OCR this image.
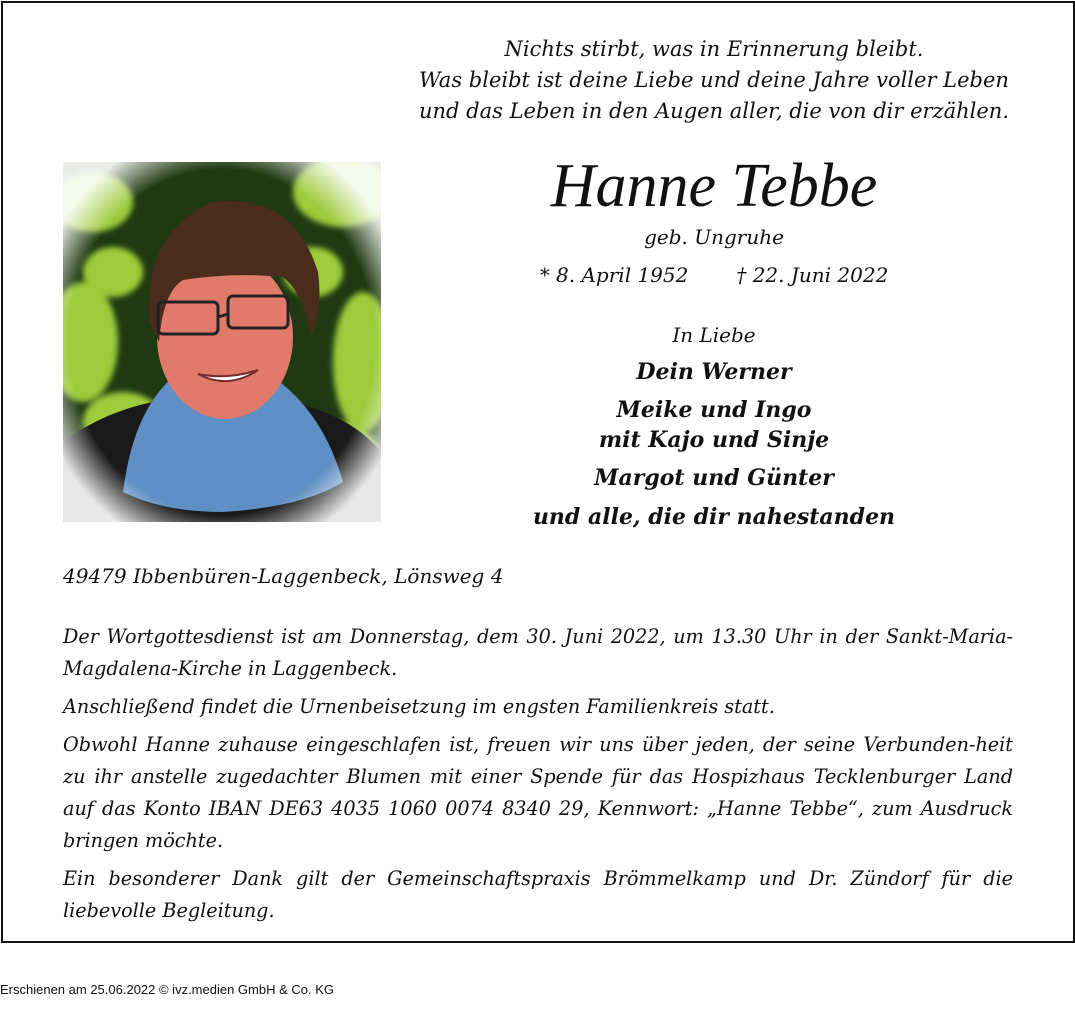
Nichts stirbt, was in Erinnerung bleibt.
Was bleibt ist deine Liebe und deine Jahre voller Leben
und das Leben in den Augen aller, die von dir erzählen.
Hanne Tebbe
geb. Ungruhe
* 8. April 1952 † 22. Juni 2022
In Liebe
Dein Werner
Meike und Ingo
mit Kajo und Sinje
Margot und Günter
und alle, die dir nahestanden
49479 Ibbenbüren-Laggenbeck, Lönsweg 4

Der Wortgottesdienst ist am Donnerstag, dem 30. Juni 2022, um 13.30 Uhr in der Sankt-Maria-Magdalena-Kirche in Laggenbeck.

Anschließend findet die Urnenbeisetzung im engsten Familienkreis statt.

Obwohl Hanne zuhause eingeschlafen ist, freuen wir uns über jeden, der seine Verbunden-heit zu ihr anstelle zugedachter Blumen mit einer Spende für das Hospizhaus Tecklenburger Land auf das Konto IBAN DE63 4035 1060 0074 8340 29, Kennwort: „Hanne Tebbe“, zum Ausdruck bringen möchte.

Ein besonderer Dank gilt der Gemeinschaftspraxis Brömmelkamp und Dr. Zündorf für die liebevolle Begleitung.

Erschienen am 25.06.2022 © ivz.medien GmbH & Co. KG
